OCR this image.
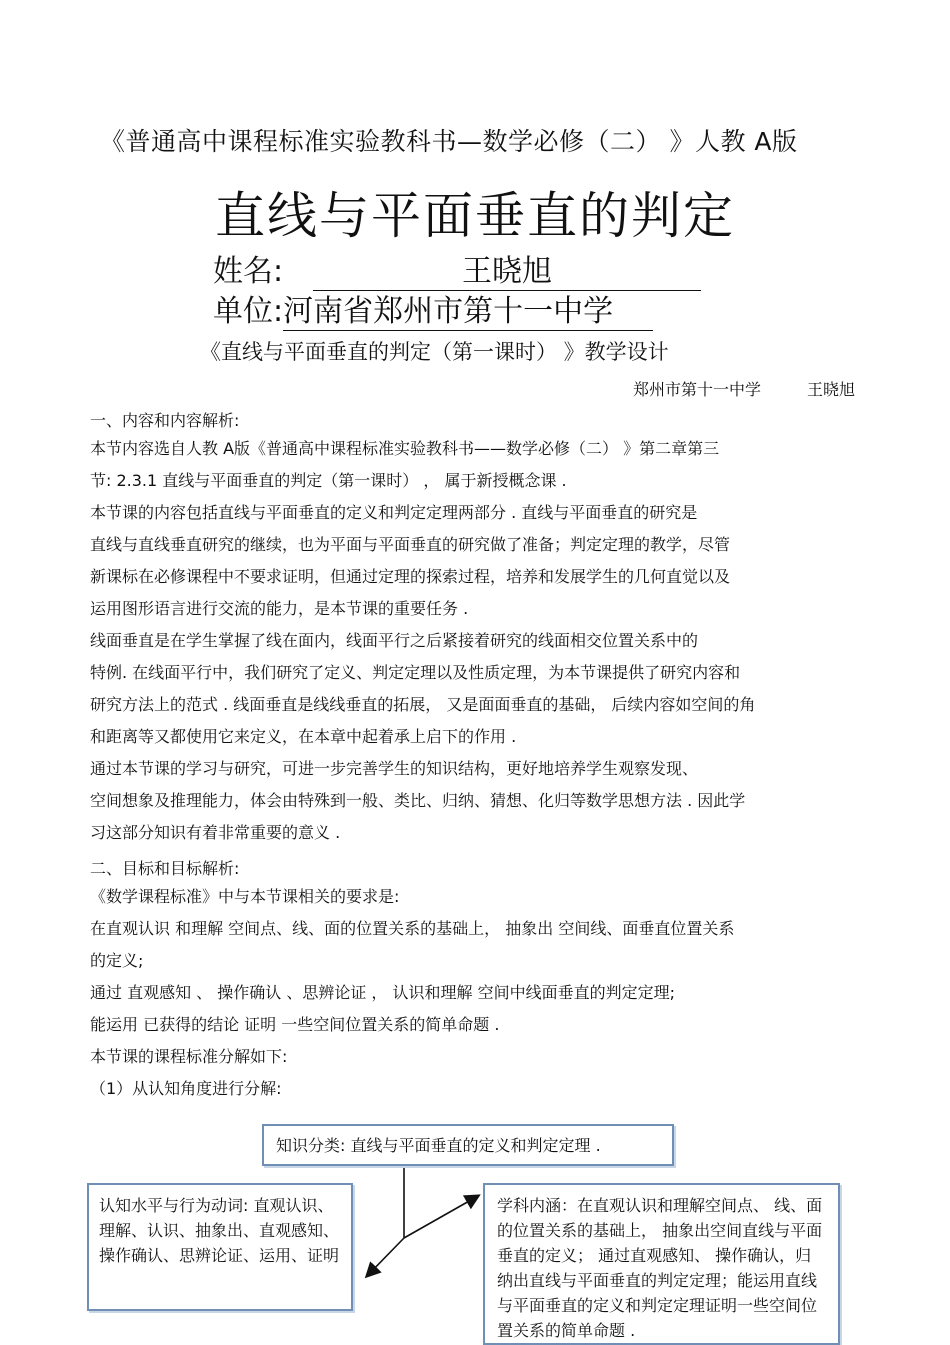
《普通高中课程标准实验教科书—数学必修（二） 》人教 A版
直线与平面垂直的判定
姓名:	王晓旭
单位:河南省郑州市第十一中学
《直线与平面垂直的判定（第一课时） 》教学设计
郑州市第十一中学	王晓旭
一、内容和内容解析:
本节内容选自人教 A版《普通高中课程标准实验教科书——数学必修（二） 》第二章第三
节: 2.3.1 直线与平面垂直的判定（第一课时） ， 属于新授概念课 .
本节课的内容包括直线与平面垂直的定义和判定定理两部分 . 直线与平面垂直的研究是
直线与直线垂直研究的继续，也为平面与平面垂直的研究做了准备；判定定理的教学，尽管
新课标在必修课程中不要求证明，但通过定理的探索过程，培养和发展学生的几何直觉以及
运用图形语言进行交流的能力，是本节课的重要任务 .
线面垂直是在学生掌握了线在面内，线面平行之后紧接着研究的线面相交位置关系中的
特例. 在线面平行中，我们研究了定义、判定定理以及性质定理，为本节课提供了研究内容和
研究方法上的范式 . 线面垂直是线线垂直的拓展， 又是面面垂直的基础， 后续内容如空间的角
和距离等又都使用它来定义，在本章中起着承上启下的作用 .
通过本节课的学习与研究，可进一步完善学生的知识结构，更好地培养学生观察发现、
空间想象及推理能力，体会由特殊到一般、类比、归纳、猜想、化归等数学思想方法 . 因此学
习这部分知识有着非常重要的意义 .
二、目标和目标解析:
《数学课程标准》中与本节课相关的要求是:
在直观认识 和理解 空间点、线、面的位置关系的基础上， 抽象出 空间线、面垂直位置关系
的定义;
通过 直观感知 、 操作确认 、思辨论证 ， 认识和理解 空间中线面垂直的判定定理;
能运用 已获得的结论 证明 一些空间位置关系的简单命题 .
本节课的课程标准分解如下:
（1）从认知角度进行分解:
知识分类: 直线与平面垂直的定义和判定定理 .
认知水平与行为动词: 直观认识、理解、认识、抽象出、直观感知、操作确认、思辨论证、运用、证明
学科内涵：在直观认识和理解空间点、 线、面的位置关系的基础上， 抽象出空间直线与平面垂直的定义； 通过直观感知、 操作确认，归纳出直线与平面垂直的判定定理；能运用直线与平面垂直的定义和判定定理证明一些空间位置关系的简单命题 .
